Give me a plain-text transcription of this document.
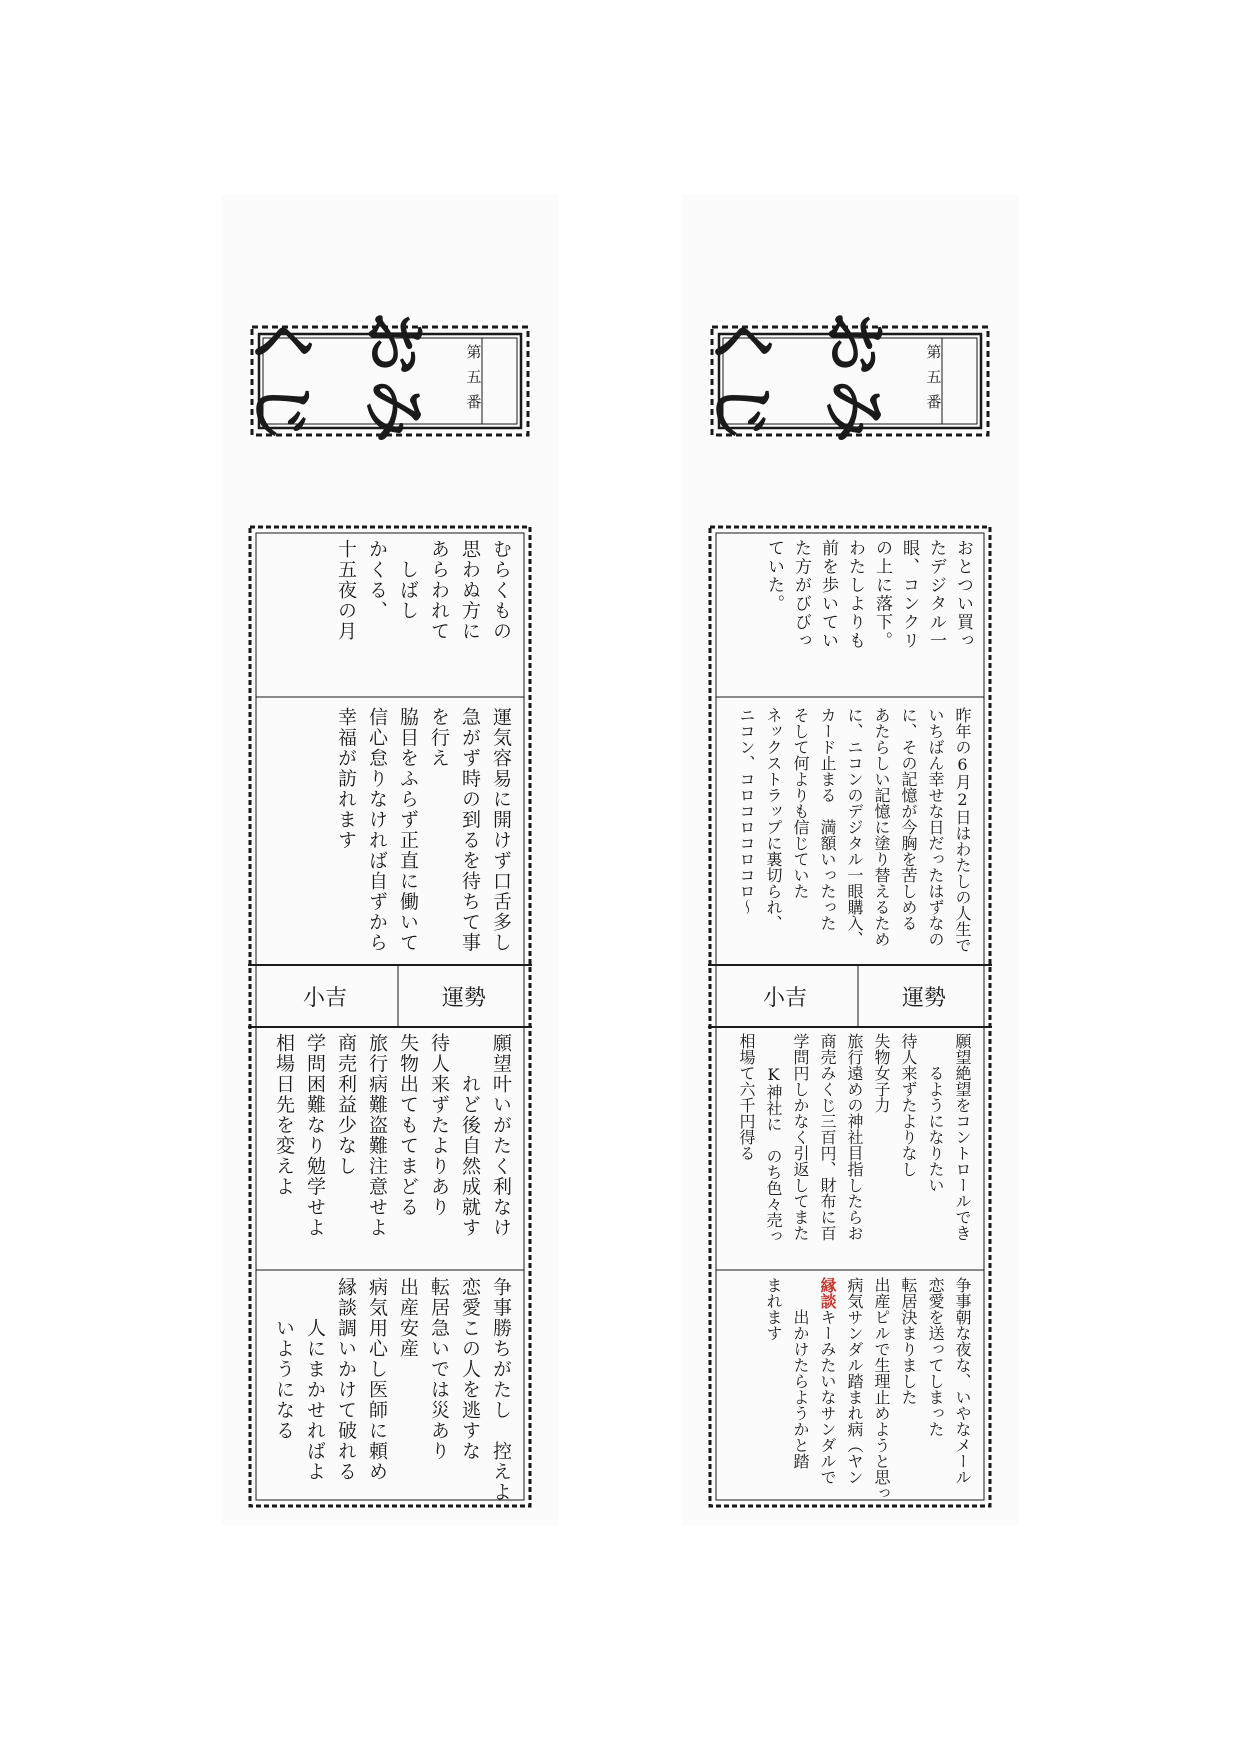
おみくじ	第五番
むらくもの
思わぬ方に
あらわれて
　しばし
かくる、
十五夜の月
運気容易に開けず口舌多し
急がず時の到るを待ちて事
を行え
脇目をふらず正直に働いて
信心怠りなければ自ずから
幸福が訪れます
運勢
小吉
願望叶いがたく利なけ
　　れど後自然成就す
待人来ずたよりあり
失物出てもてまどる
旅行病難盗難注意せよ
商売利益少なし
学問困難なり勉学せよ
相場日先を変えよ
争事勝ちがたし　控えよ
恋愛この人を逃すな
転居急いでは災あり
出産安産
病気用心し医師に頼め
縁談調いかけて破れる
　　人にまかせればよ
　　いようになる
おみくじ	第五番
おとつい買っ
たデジタル一
眼、コンクリ
の上に落下。
わたしよりも
前を歩いてい
た方がびびっ
ていた。
昨年の6月2日はわたしの人生で
いちばん幸せな日だったはずなの
に、その記憶が今胸を苦しめる
あたらしい記憶に塗り替えるため
に、ニコンのデジタル一眼購入、
カード止まる　満額いったった
そして何よりも信じていた
ネックストラップに裏切られ、
ニコン、コロコロコロコロ～
運勢
小吉
願望絶望をコントロールでき
　　るようになりたい
待人来ずたよりなし
失物女子力
旅行遠めの神社目指したらお
商売みくじ三百円、財布に百
学問円しかなく引返してまた
　　K神社に　のち色々売っ
相場て六千円得る
争事朝な夜な、いやなメール
恋愛を送ってしまった
転居決まりました
出産ピルで生理止めようと思っ
病気サンダル踏まれ病（ヤン
縁談キーみたいなサンダルで
　　出かけたらようかと踏
まれます
